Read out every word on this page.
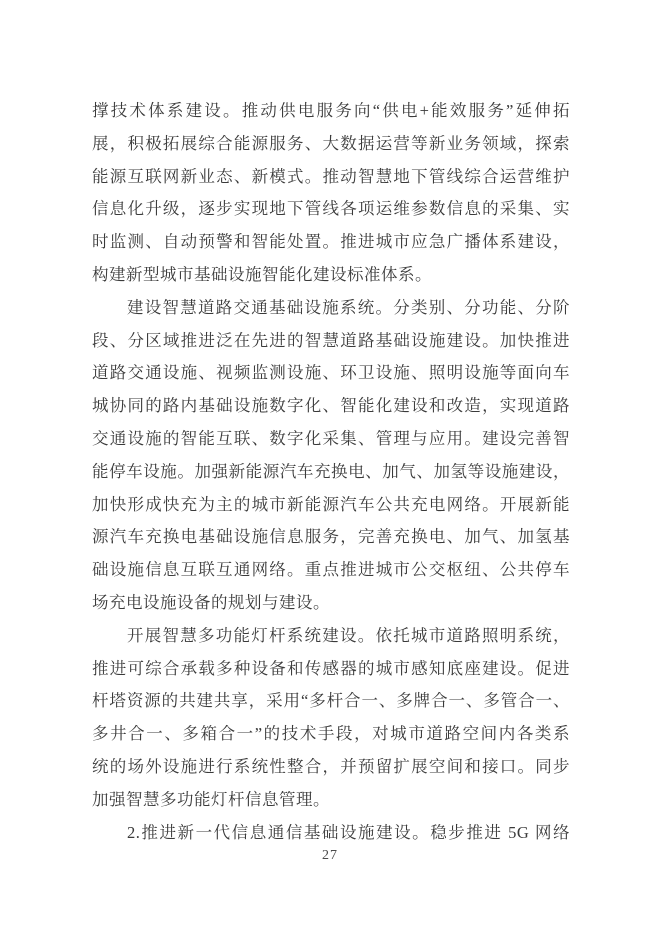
撑技术体系建设。推动供电服务向“供电+能效服务”延伸拓

展，积极拓展综合能源服务、大数据运营等新业务领域，探索

能源互联网新业态、新模式。推动智慧地下管线综合运营维护

信息化升级，逐步实现地下管线各项运维参数信息的采集、实

时监测、自动预警和智能处置。推进城市应急广播体系建设，

构建新型城市基础设施智能化建设标准体系。

建设智慧道路交通基础设施系统。分类别、分功能、分阶

段、分区域推进泛在先进的智慧道路基础设施建设。加快推进

道路交通设施、视频监测设施、环卫设施、照明设施等面向车

城协同的路内基础设施数字化、智能化建设和改造，实现道路

交通设施的智能互联、数字化采集、管理与应用。建设完善智

能停车设施。加强新能源汽车充换电、加气、加氢等设施建设，

加快形成快充为主的城市新能源汽车公共充电网络。开展新能

源汽车充换电基础设施信息服务，完善充换电、加气、加氢基

础设施信息互联互通网络。重点推进城市公交枢纽、公共停车

场充电设施设备的规划与建设。

开展智慧多功能灯杆系统建设。依托城市道路照明系统，

推进可综合承载多种设备和传感器的城市感知底座建设。促进

杆塔资源的共建共享，采用“多杆合一、多牌合一、多管合一、

多井合一、多箱合一”的技术手段，对城市道路空间内各类系

统的场外设施进行系统性整合，并预留扩展空间和接口。同步

加强智慧多功能灯杆信息管理。

2.推进新一代信息通信基础设施建设。稳步推进 5G 网络

27
